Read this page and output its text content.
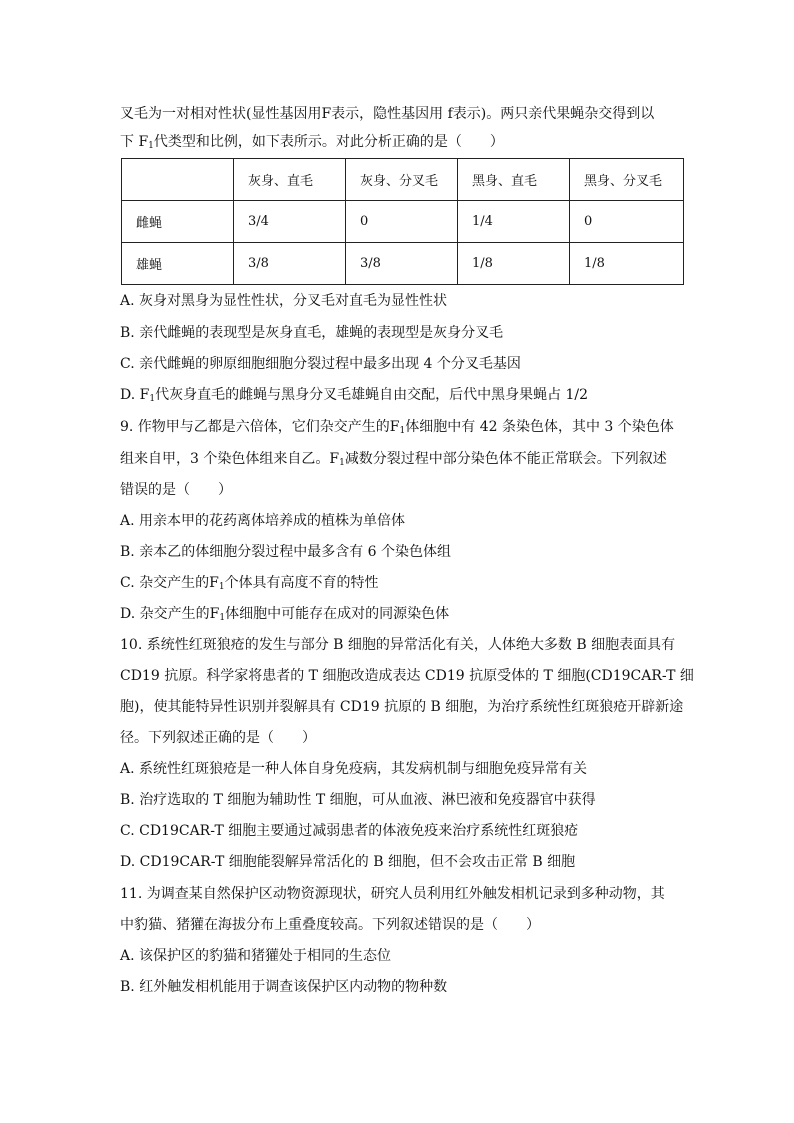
叉毛为一对相对性状(显性基因用F表示，隐性基因用 f表示)。两只亲代果蝇杂交得到以
下 $F_1$代类型和比例，如下表所示。对此分析正确的是（　　）
	灰身、直毛	灰身、分叉毛	黑身、直毛	黑身、分叉毛
雌蝇	3/4	0	1/4	0
雄蝇	3/8	3/8	1/8	1/8
A. 灰身对黑身为显性性状，分叉毛对直毛为显性性状
B. 亲代雌蝇的表现型是灰身直毛，雄蝇的表现型是灰身分叉毛
C. 亲代雌蝇的卵原细胞细胞分裂过程中最多出现 4 个分叉毛基因
D. $F_1$代灰身直毛的雌蝇与黑身分叉毛雄蝇自由交配，后代中黑身果蝇占 1/2
9. 作物甲与乙都是六倍体，它们杂交产生的$F_1$体细胞中有 42 条染色体，其中 3 个染色体
组来自甲，3 个染色体组来自乙。$F_1$减数分裂过程中部分染色体不能正常联会。下列叙述
错误的是（　　）
A. 用亲本甲的花药离体培养成的植株为单倍体
B. 亲本乙的体细胞分裂过程中最多含有 6 个染色体组
C. 杂交产生的$F_1$个体具有高度不育的特性
D. 杂交产生的$F_1$体细胞中可能存在成对的同源染色体
10. 系统性红斑狼疮的发生与部分 B 细胞的异常活化有关，人体绝大多数 B 细胞表面具有
CD19 抗原。科学家将患者的 T 细胞改造成表达 CD19 抗原受体的 T 细胞(CD19CAR-T 细
胞)，使其能特异性识别并裂解具有 CD19 抗原的 B 细胞，为治疗系统性红斑狼疮开辟新途
径。下列叙述正确的是（　　）
A. 系统性红斑狼疮是一种人体自身免疫病，其发病机制与细胞免疫异常有关
B. 治疗选取的 T 细胞为辅助性 T 细胞，可从血液、淋巴液和免疫器官中获得
C. CD19CAR-T 细胞主要通过减弱患者的体液免疫来治疗系统性红斑狼疮
D. CD19CAR-T 细胞能裂解异常活化的 B 细胞，但不会攻击正常 B 细胞
11. 为调查某自然保护区动物资源现状，研究人员利用红外触发相机记录到多种动物，其
中豹猫、猪獾在海拔分布上重叠度较高。下列叙述错误的是（　　）
A. 该保护区的豹猫和猪獾处于相同的生态位
B. 红外触发相机能用于调查该保护区内动物的物种数
